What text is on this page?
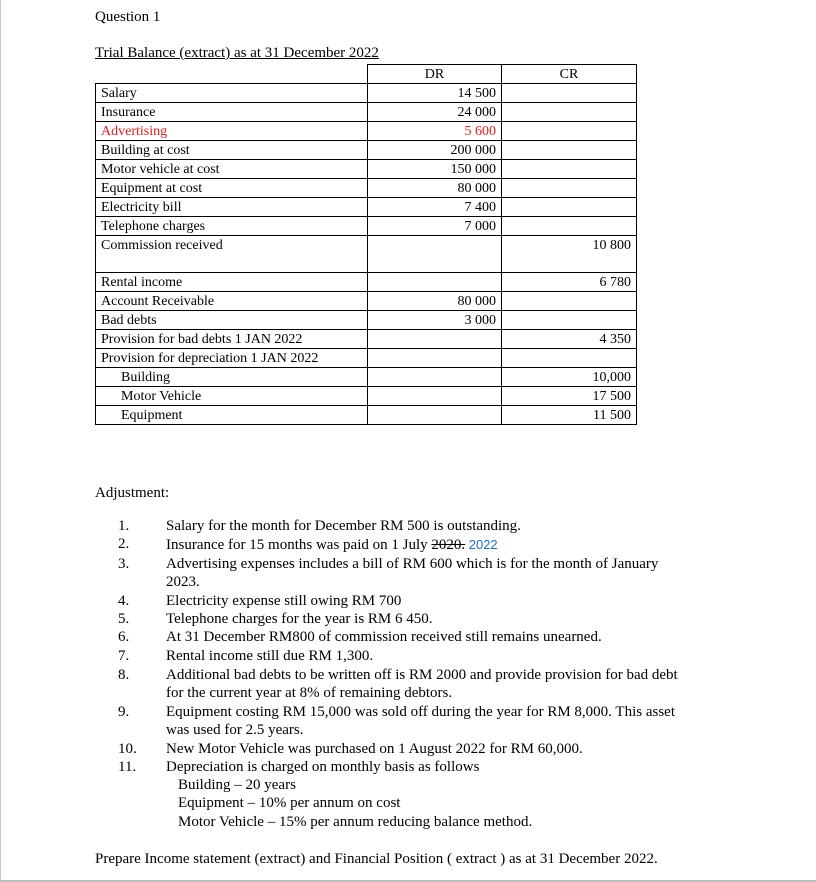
Question 1
Trial Balance (extract) as at 31 December 2022
	DR	CR
Salary	14 500	
Insurance	24 000	
Advertising	5 600	
Building at cost	200 000	
Motor vehicle at cost	150 000	
Equipment at cost	80 000	
Electricity bill	7 400	
Telephone charges	7 000	
Commission received		10 800

Rental income		6 780
Account Receivable	80 000	
Bad debts	3 000	
Provision for bad debts 1 JAN 2022		4 350
Provision for depreciation 1 JAN 2022		
Building		10,000
Motor Vehicle		17 500
Equipment		11 500
Adjustment:
1.	Salary for the month for December RM 500 is outstanding.
2.	Insurance for 15 months was paid on 1 July 2020. 2022
3.	Advertising expenses includes a bill of RM 600 which is for the month of January
2023.
4.	Electricity expense still owing RM 700
5.	Telephone charges for the year is RM 6 450.
6.	At 31 December RM800 of commission received still remains unearned.
7.	Rental income still due RM 1,300.
8.	Additional bad debts to be written off is RM 2000 and provide provision for bad debt
for the current year at 8% of remaining debtors.
9.	Equipment costing RM 15,000 was sold off during the year for RM 8,000. This asset
was used for 2.5 years.
10. New Motor Vehicle was purchased on 1 August 2022 for RM 60,000.
11. Depreciation is charged on monthly basis as follows
Building – 20 years
Equipment – 10% per annum on cost
Motor Vehicle – 15% per annum reducing balance method.
Prepare Income statement (extract) and Financial Position ( extract ) as at 31 December 2022.
